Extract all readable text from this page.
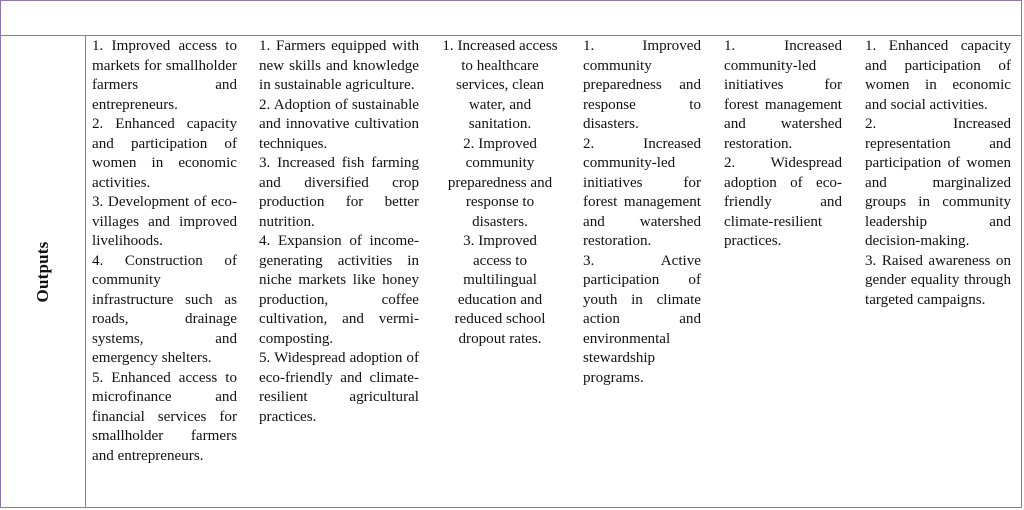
Outputs
1. Improved access to markets for smallholder farmers and entrepreneurs.
2. Enhanced capacity and participation of women in economic activities.
3. Development of eco-villages and improved livelihoods.
4. Construction of community infrastructure such as roads, drainage systems, and emergency shelters.
5. Enhanced access to microfinance and financial services for smallholder farmers and entrepreneurs.
1. Farmers equipped with new skills and knowledge in sustainable agriculture.
2. Adoption of sustainable and innovative cultivation techniques.
3. Increased fish farming and diversified crop production for better nutrition.
4. Expansion of income-generating activities in niche markets like honey production, coffee cultivation, and vermi-composting.
5. Widespread adoption of eco-friendly and climate-resilient agricultural practices.
1. Increased access to healthcare services, clean water, and sanitation.
2. Improved community preparedness and response to disasters.
3. Improved access to multilingual education and reduced school dropout rates.
1. Improved community preparedness and response to disasters.
2. Increased community-led initiatives for forest management and watershed restoration.
3. Active participation of youth in climate action and environmental stewardship programs.
1. Increased community-led initiatives for forest management and watershed restoration.
2. Widespread adoption of eco-friendly and climate-resilient practices.
1. Enhanced capacity and participation of women in economic and social activities.
2. Increased representation and participation of women and marginalized groups in community leadership and decision-making.
3. Raised awareness on gender equality through targeted campaigns.
